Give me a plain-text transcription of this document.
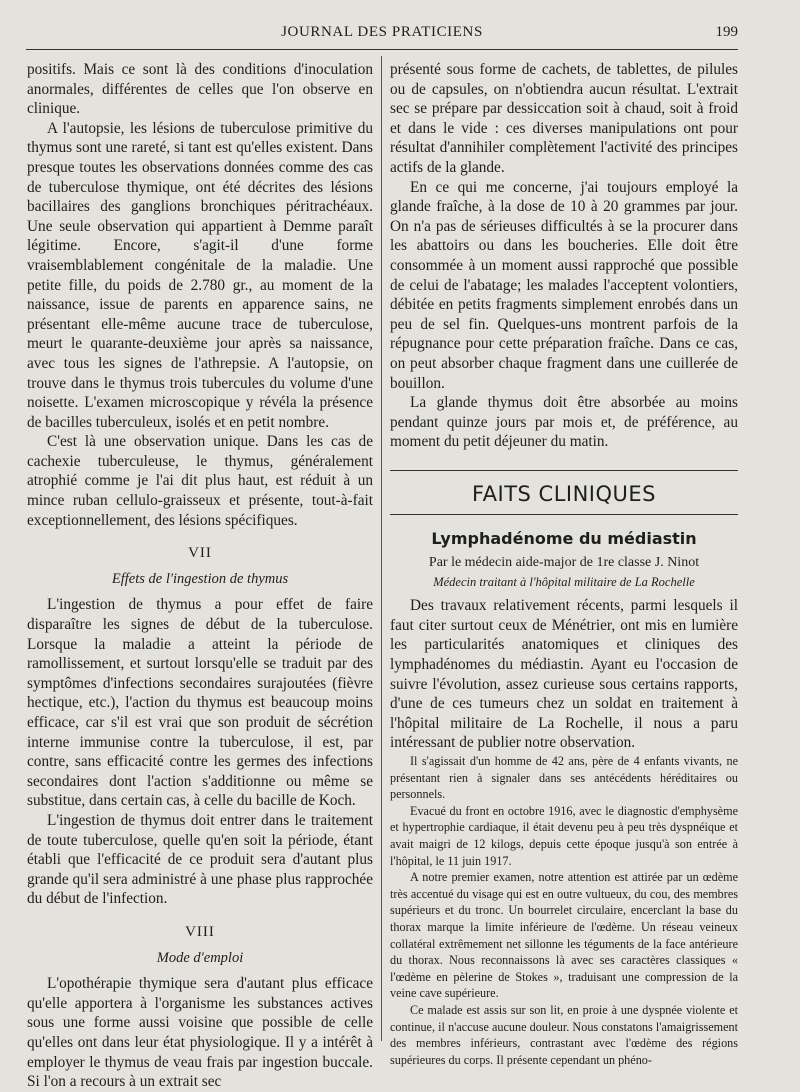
JOURNAL DES PRATICIENS	199

positifs. Mais ce sont là des conditions d'inoculation anormales, différentes de celles que l'on observe en clinique.

A l'autopsie, les lésions de tuberculose primitive du thymus sont une rareté, si tant est qu'elles existent. Dans presque toutes les observations données comme des cas de tuberculose thymique, ont été décrites des lésions bacillaires des ganglions bronchiques péritrachéaux. Une seule observation qui appartient à Demme paraît légitime. Encore, s'agit-il d'une forme vraisemblablement congénitale de la maladie. Une petite fille, du poids de 2.780 gr., au moment de la naissance, issue de parents en apparence sains, ne présentant elle-même aucune trace de tuberculose, meurt le quarante-deuxième jour après sa naissance, avec tous les signes de l'athrepsie. A l'autopsie, on trouve dans le thymus trois tubercules du volume d'une noisette. L'examen microscopique y révéla la présence de bacilles tuberculeux, isolés et en petit nombre.

C'est là une observation unique. Dans les cas de cachexie tuberculeuse, le thymus, généralement atrophié comme je l'ai dit plus haut, est réduit à un mince ruban cellulo-graisseux et présente, tout-à-fait exceptionnellement, des lésions spécifiques.

VII
Effets de l'ingestion de thymus

L'ingestion de thymus a pour effet de faire disparaître les signes de début de la tuberculose. Lorsque la maladie a atteint la période de ramollissement, et surtout lorsqu'elle se traduit par des symptômes d'infections secondaires surajoutées (fièvre hectique, etc.), l'action du thymus est beaucoup moins efficace, car s'il est vrai que son produit de sécrétion interne immunise contre la tuberculose, il est, par contre, sans efficacité contre les germes des infections secondaires dont l'action s'additionne ou même se substitue, dans certain cas, à celle du bacille de Koch.

L'ingestion de thymus doit entrer dans le traitement de toute tuberculose, quelle qu'en soit la période, étant établi que l'efficacité de ce produit sera d'autant plus grande qu'il sera administré à une phase plus rapprochée du début de l'infection.

VIII
Mode d'emploi

L'opothérapie thymique sera d'autant plus efficace qu'elle apportera à l'organisme les substances actives sous une forme aussi voisine que possible de celle qu'elles ont dans leur état physiologique. Il y a intérêt à employer le thymus de veau frais par ingestion buccale. Si l'on a recours à un extrait sec

présenté sous forme de cachets, de tablettes, de pilules ou de capsules, on n'obtiendra aucun résultat. L'extrait sec se prépare par dessiccation soit à chaud, soit à froid et dans le vide : ces diverses manipulations ont pour résultat d'annihiler complètement l'activité des principes actifs de la glande.

En ce qui me concerne, j'ai toujours employé la glande fraîche, à la dose de 10 à 20 grammes par jour. On n'a pas de sérieuses difficultés à se la procurer dans les abattoirs ou dans les boucheries. Elle doit être consommée à un moment aussi rapproché que possible de celui de l'abatage; les malades l'acceptent volontiers, débitée en petits fragments simplement enrobés dans un peu de sel fin. Quelques-uns montrent parfois de la répugnance pour cette préparation fraîche. Dans ce cas, on peut absorber chaque fragment dans une cuillerée de bouillon.

La glande thymus doit être absorbée au moins pendant quinze jours par mois et, de préférence, au moment du petit déjeuner du matin.

FAITS CLINIQUES
Lymphadénome du médiastin

Par le médecin aide-major de 1re classe J. Ninot

Médecin traitant à l'hôpital militaire de La Rochelle

Des travaux relativement récents, parmi lesquels il faut citer surtout ceux de Ménétrier, ont mis en lumière les particularités anatomiques et cliniques des lymphadénomes du médiastin. Ayant eu l'occasion de suivre l'évolution, assez curieuse sous certains rapports, d'une de ces tumeurs chez un soldat en traitement à l'hôpital militaire de La Rochelle, il nous a paru intéressant de publier notre observation.

Il s'agissait d'un homme de 42 ans, père de 4 enfants vivants, ne présentant rien à signaler dans ses antécédents héréditaires ou personnels.

Evacué du front en octobre 1916, avec le diagnostic d'emphysème et hypertrophie cardiaque, il était devenu peu à peu très dyspnéique et avait maigri de 12 kilogs, depuis cette époque jusqu'à son entrée à l'hôpital, le 11 juin 1917.

A notre premier examen, notre attention est attirée par un œdème très accentué du visage qui est en outre vultueux, du cou, des membres supérieurs et du tronc. Un bourrelet circulaire, encerclant la base du thorax marque la limite inférieure de l'œdème. Un réseau veineux collatéral extrêmement net sillonne les téguments de la face antérieure du thorax. Nous reconnaissons là avec ses caractères classiques « l'œdème en pèlerine de Stokes », traduisant une compression de la veine cave supérieure.

Ce malade est assis sur son lit, en proie à une dyspnée violente et continue, il n'accuse aucune douleur. Nous constatons l'amaigrissement des membres inférieurs, contrastant avec l'œdème des régions supérieures du corps. Il présente cependant un phéno-
